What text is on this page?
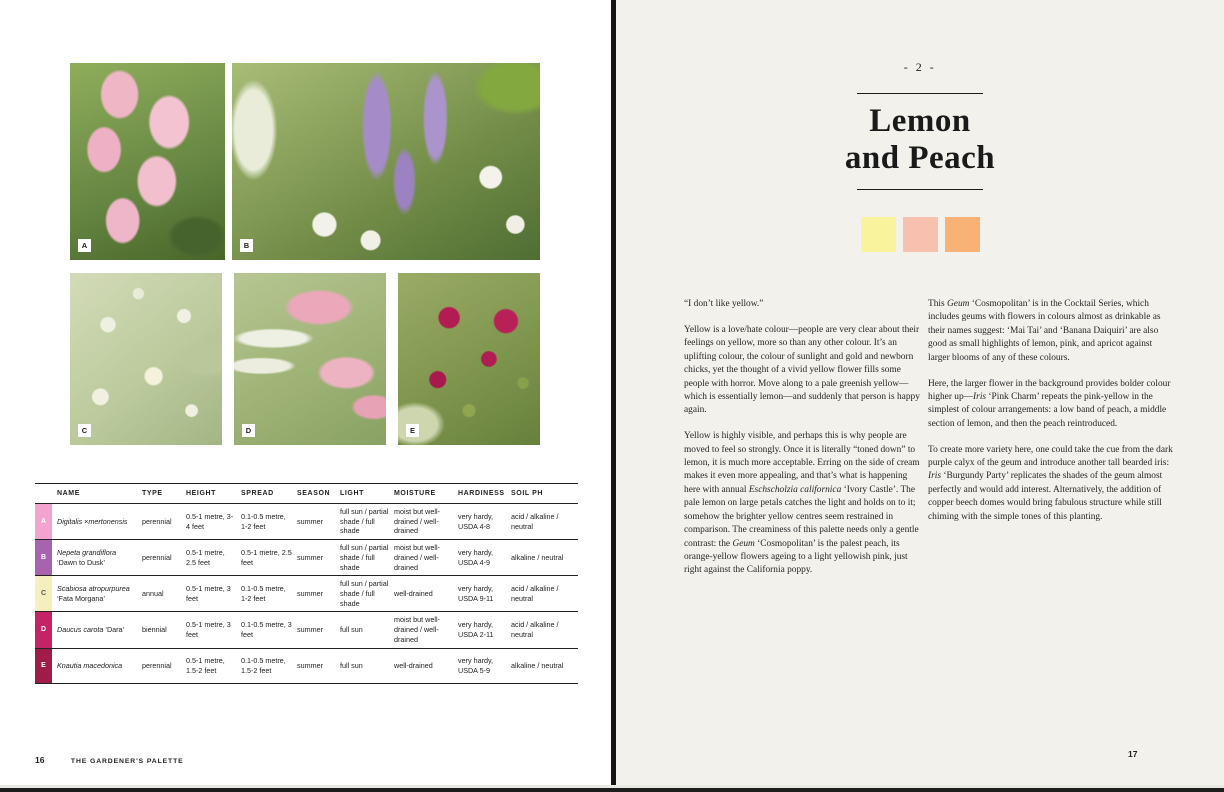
A	B
C	D	E
	NAME	TYPE	HEIGHT	SPREAD	SEASON	LIGHT	MOISTURE	HARDINESS	SOIL PH
A	Digitalis ×mertonensis	perennial	0.5-1 metre, 3-4 feet	0.1-0.5 metre, 1-2 feet	summer	full sun / partial shade / full shade	moist but well-drained / well-drained	very hardy, USDA 4-8	acid / alkaline / neutral
B	Nepeta grandiflora ‘Dawn to Dusk’	perennial	0.5-1 metre, 2.5 feet	0.5-1 metre, 2.5 feet	summer	full sun / partial shade / full shade	moist but well-drained / well-drained	very hardy, USDA 4-9	alkaline / neutral
C	Scabiosa atropurpurea ‘Fata Morgana’	annual	0.5-1 metre, 3 feet	0.1-0.5 metre, 1-2 feet	summer	full sun / partial shade / full shade	well-drained	very hardy, USDA 9-11	acid / alkaline / neutral
D	Daucus carota ‘Dara’	biennial	0.5-1 metre, 3 feet	0.1-0.5 metre, 3 feet	summer	full sun	moist but well-drained / well-drained	very hardy, USDA 2-11	acid / alkaline / neutral
E	Knautia macedonica	perennial	0.5-1 metre, 1.5-2 feet	0.1-0.5 metre, 1.5-2 feet	summer	full sun	well-drained	very hardy, USDA 5-9	alkaline / neutral
16	THE GARDENER'S PALETTE
- 2 -
Lemon
and Peach

“I don’t like yellow.”

Yellow is a love/hate colour—people are very clear about their feelings on yellow, more so than any other colour. It’s an uplifting colour, the colour of sunlight and gold and newborn chicks, yet the thought of a vivid yellow flower fills some people with horror. Move along to a pale greenish yellow—which is essentially lemon—and suddenly that person is happy again.

Yellow is highly visible, and perhaps this is why people are moved to feel so strongly. Once it is literally “toned down” to lemon, it is much more acceptable. Erring on the side of cream makes it even more appealing, and that’s what is happening here with annual Eschscholzia californica ‘Ivory Castle’. The pale lemon on large petals catches the light and holds on to it; somehow the brighter yellow centres seem restrained in comparison. The creaminess of this palette needs only a gentle contrast: the Geum ‘Cosmopolitan’ is the palest peach, its orange-yellow flowers ageing to a light yellowish pink, just right against the California poppy.

This Geum ‘Cosmopolitan’ is in the Cocktail Series, which includes geums with flowers in colours almost as drinkable as their names suggest: ‘Mai Tai’ and ‘Banana Daiquiri’ are also good as small highlights of lemon, pink, and apricot against larger blooms of any of these colours.

Here, the larger flower in the background provides bolder colour higher up—Iris ‘Pink Charm’ repeats the pink-yellow in the simplest of colour arrangements: a low band of peach, a middle section of lemon, and then the peach reintroduced.

To create more variety here, one could take the cue from the dark purple calyx of the geum and introduce another tall bearded iris: Iris ‘Burgundy Party’ replicates the shades of the geum almost perfectly and would add interest. Alternatively, the addition of copper beech domes would bring fabulous structure while still chiming with the simple tones of this planting.

17
